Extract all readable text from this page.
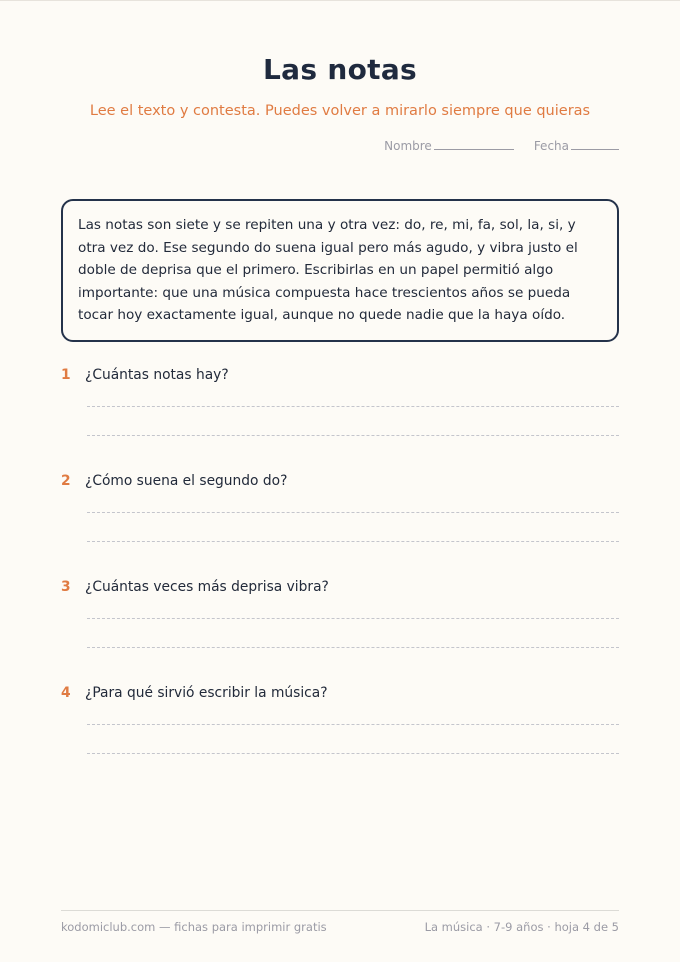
Las notas
Lee el texto y contesta. Puedes volver a mirarlo siempre que quieras
Nombre	Fecha
Las notas son siete y se repiten una y otra vez: do, re, mi, fa, sol, la, si, y otra vez do. Ese segundo do suena igual pero más agudo, y vibra justo el doble de deprisa que el primero. Escribirlas en un papel permitió algo importante: que una música compuesta hace trescientos años se pueda tocar hoy exactamente igual, aunque no quede nadie que la haya oído.
1 ¿Cuántas notas hay?
2 ¿Cómo suena el segundo do?
3 ¿Cuántas veces más deprisa vibra?
4 ¿Para qué sirvió escribir la música?
kodomiclub.com — fichas para imprimir gratis	La música · 7-9 años · hoja 4 de 5
